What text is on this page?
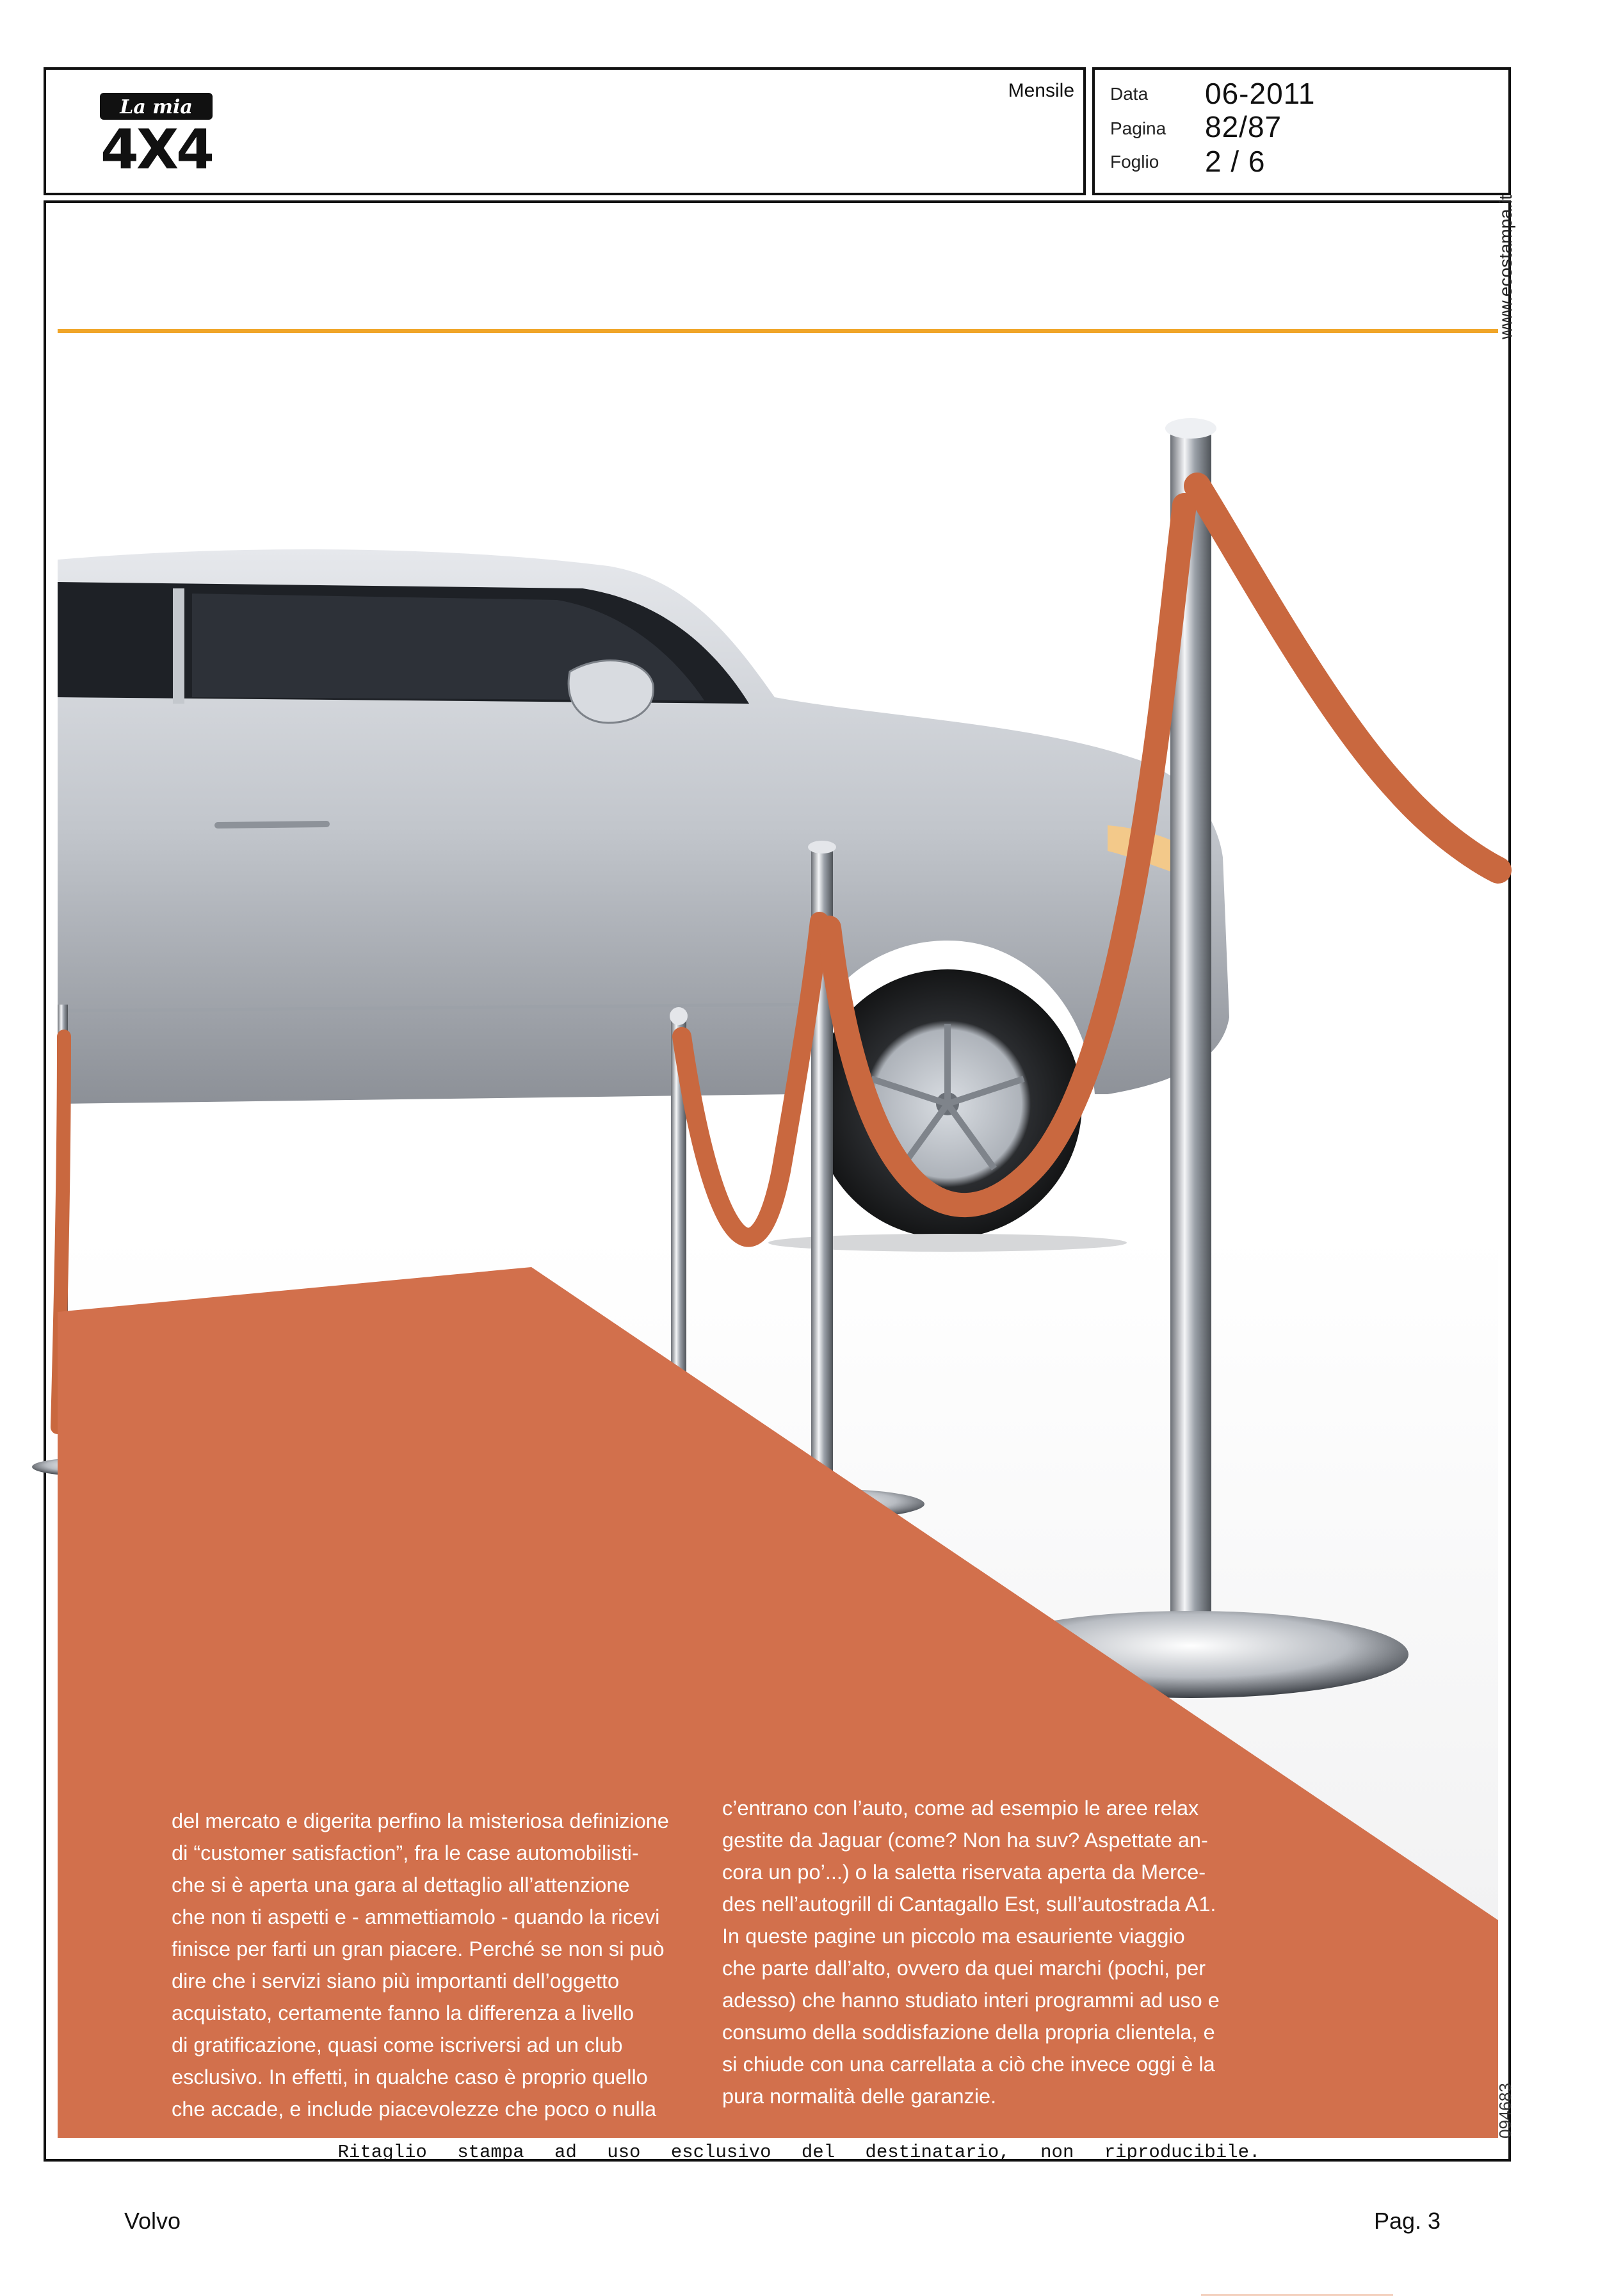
La mia
4X4
Mensile Data 06-2011
Pagina 82/87
Foglio 2 / 6
del mercato e digerita perfino la misteriosa definizione
di “customer satisfaction”, fra le case automobilisti-
che si è aperta una gara al dettaglio all’attenzione
che non ti aspetti e - ammettiamolo - quando la ricevi
finisce per farti un gran piacere. Perché se non si può
dire che i servizi siano più importanti dell’oggetto
acquistato, certamente fanno la differenza a livello
di gratificazione, quasi come iscriversi ad un club
esclusivo. In effetti, in qualche caso è proprio quello
che accade, e include piacevolezze che poco o nulla
c’entrano con l’auto, come ad esempio le aree relax
gestite da Jaguar (come? Non ha suv? Aspettate an-
cora un po’...) o la saletta riservata aperta da Merce-
des nell’autogrill di Cantagallo Est, sull’autostrada A1.
In queste pagine un piccolo ma esauriente viaggio
che parte dall’alto, ovvero da quei marchi (pochi, per
adesso) che hanno studiato interi programmi ad uso e
consumo della soddisfazione della propria clientela, e
si chiude con una carrellata a ciò che invece oggi è la
pura normalità delle garanzie.
La mia auto 4x4 83
www.ecostampa.it
094683
Ritaglio stampa ad uso esclusivo del destinatario, non riproducibile.
Volvo	Pag. 3
